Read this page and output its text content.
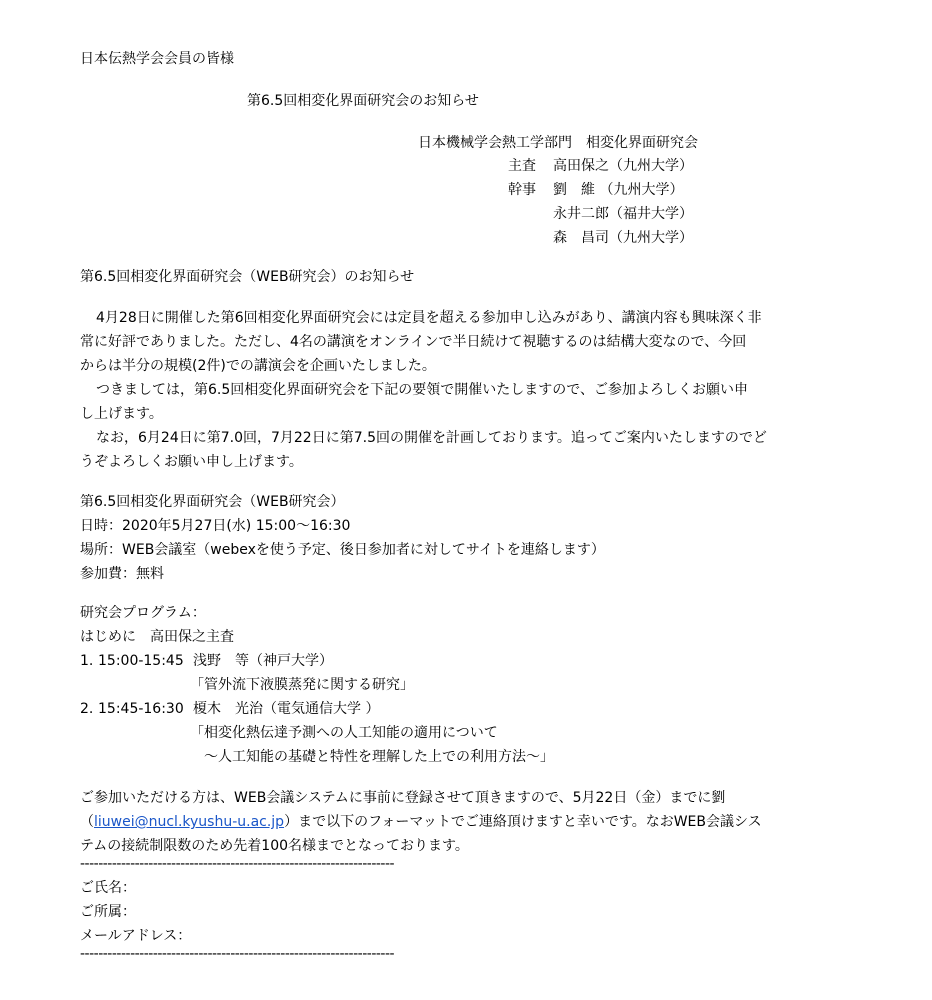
日本伝熱学会会員の皆様
第6.5回相変化界面研究会のお知らせ
日本機械学会熱工学部門　相変化界面研究会
主査 高田保之（九州大学）
幹事 劉　維 （九州大学）
永井二郎（福井大学）
森　昌司（九州大学）
第6.5回相変化界面研究会（WEB研究会）のお知らせ
4月28日に開催した第6回相変化界面研究会には定員を超える参加申し込みがあり、講演内容も興味深く非
常に好評でありました。ただし、4名の講演をオンラインで半日続けて視聴するのは結構大変なので、今回
からは半分の規模(2件)での講演会を企画いたしました。
つきましては，第6.5回相変化界面研究会を下記の要領で開催いたしますので、ご参加よろしくお願い申
し上げます。
なお，6月24日に第7.0回，7月22日に第7.5回の開催を計画しております。追ってご案内いたしますのでど
うぞよろしくお願い申し上げます。
第6.5回相変化界面研究会（WEB研究会）
日時：2020年5月27日(水) 15:00～16:30
場所：WEB会議室（webexを使う予定、後日参加者に対してサイトを連絡します）
参加費：無料
研究会プログラム：
はじめに　高田保之主査
1. 15:00-15:45 浅野　等（神戸大学）
「管外流下液膜蒸発に関する研究」
2. 15:45-16:30 榎木　光治（電気通信大学 ）
「相変化熱伝達予測への人工知能の適用について
～人工知能の基礎と特性を理解した上での利用方法～」
ご参加いただける方は、WEB会議システムに事前に登録させて頂きますので、5月22日（金）までに劉
（liuwei@nucl.kyushu-u.ac.jp）まで以下のフォーマットでご連絡頂けますと幸いです。なおWEB会議シス
テムの接続制限数のため先着100名様までとなっております。
---------------------------------------------------------------------
ご氏名：
ご所属：
メールアドレス：
---------------------------------------------------------------------
